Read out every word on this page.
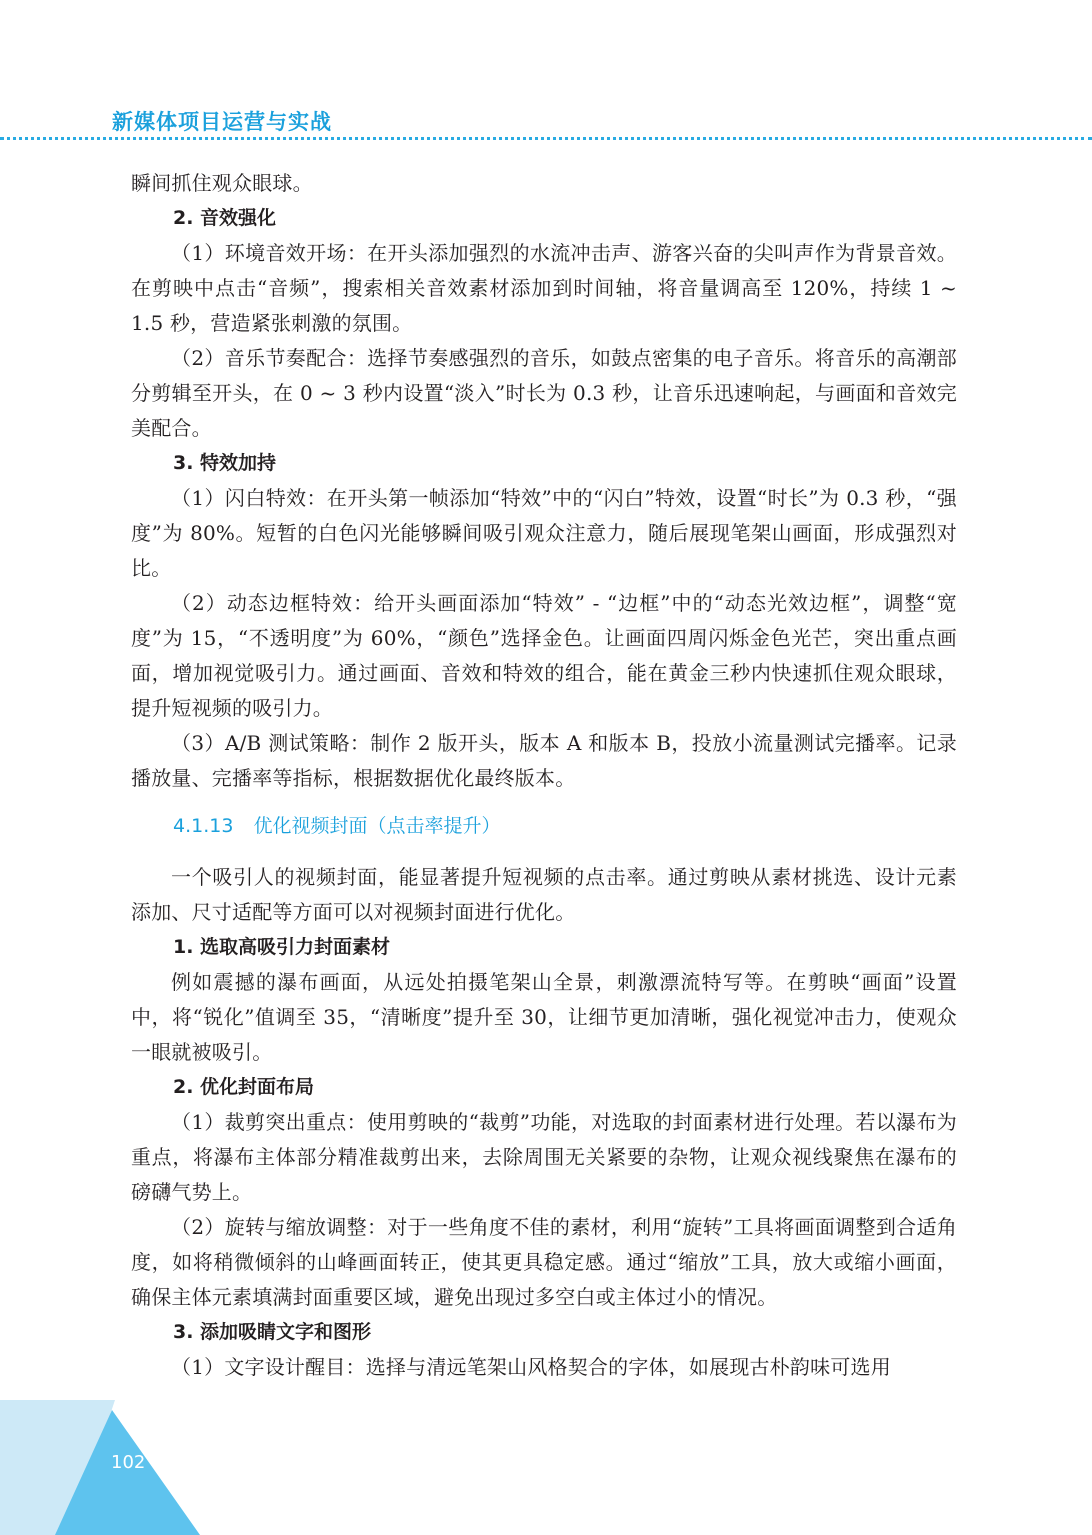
新媒体项目运营与实战

瞬间抓住观众眼球。

2. 音效强化

（1）环境音效开场：在开头添加强烈的水流冲击声、游客兴奋的尖叫声作为背景音效。在剪映中点击“音频”，搜索相关音效素材添加到时间轴，将音量调高至 120%，持续 1 ~ 1.5 秒，营造紧张刺激的氛围。

（2）音乐节奏配合：选择节奏感强烈的音乐，如鼓点密集的电子音乐。将音乐的高潮部分剪辑至开头，在 0 ~ 3 秒内设置“淡入”时长为 0.3 秒，让音乐迅速响起，与画面和音效完美配合。

3. 特效加持

（1）闪白特效：在开头第一帧添加“特效”中的“闪白”特效，设置“时长”为 0.3 秒，“强度”为 80%。短暂的白色闪光能够瞬间吸引观众注意力，随后展现笔架山画面，形成强烈对比。

（2）动态边框特效：给开头画面添加“特效” - “边框”中的“动态光效边框”，调整“宽度”为 15，“不透明度”为 60%，“颜色”选择金色。让画面四周闪烁金色光芒，突出重点画面，增加视觉吸引力。通过画面、音效和特效的组合，能在黄金三秒内快速抓住观众眼球，提升短视频的吸引力。

（3）A/B 测试策略：制作 2 版开头，版本 A 和版本 B，投放小流量测试完播率。记录播放量、完播率等指标，根据数据优化最终版本。

4.1.13 优化视频封面（点击率提升）

一个吸引人的视频封面，能显著提升短视频的点击率。通过剪映从素材挑选、设计元素添加、尺寸适配等方面可以对视频封面进行优化。

1. 选取高吸引力封面素材

例如震撼的瀑布画面，从远处拍摄笔架山全景，刺激漂流特写等。在剪映“画面”设置中，将“锐化”值调至 35，“清晰度”提升至 30，让细节更加清晰，强化视觉冲击力，使观众一眼就被吸引。

2. 优化封面布局

（1）裁剪突出重点：使用剪映的“裁剪”功能，对选取的封面素材进行处理。若以瀑布为重点，将瀑布主体部分精准裁剪出来，去除周围无关紧要的杂物，让观众视线聚焦在瀑布的磅礴气势上。

（2）旋转与缩放调整：对于一些角度不佳的素材，利用“旋转”工具将画面调整到合适角度，如将稍微倾斜的山峰画面转正，使其更具稳定感。通过“缩放”工具，放大或缩小画面，确保主体元素填满封面重要区域，避免出现过多空白或主体过小的情况。

3. 添加吸睛文字和图形

（1）文字设计醒目：选择与清远笔架山风格契合的字体，如展现古朴韵味可选用

102
